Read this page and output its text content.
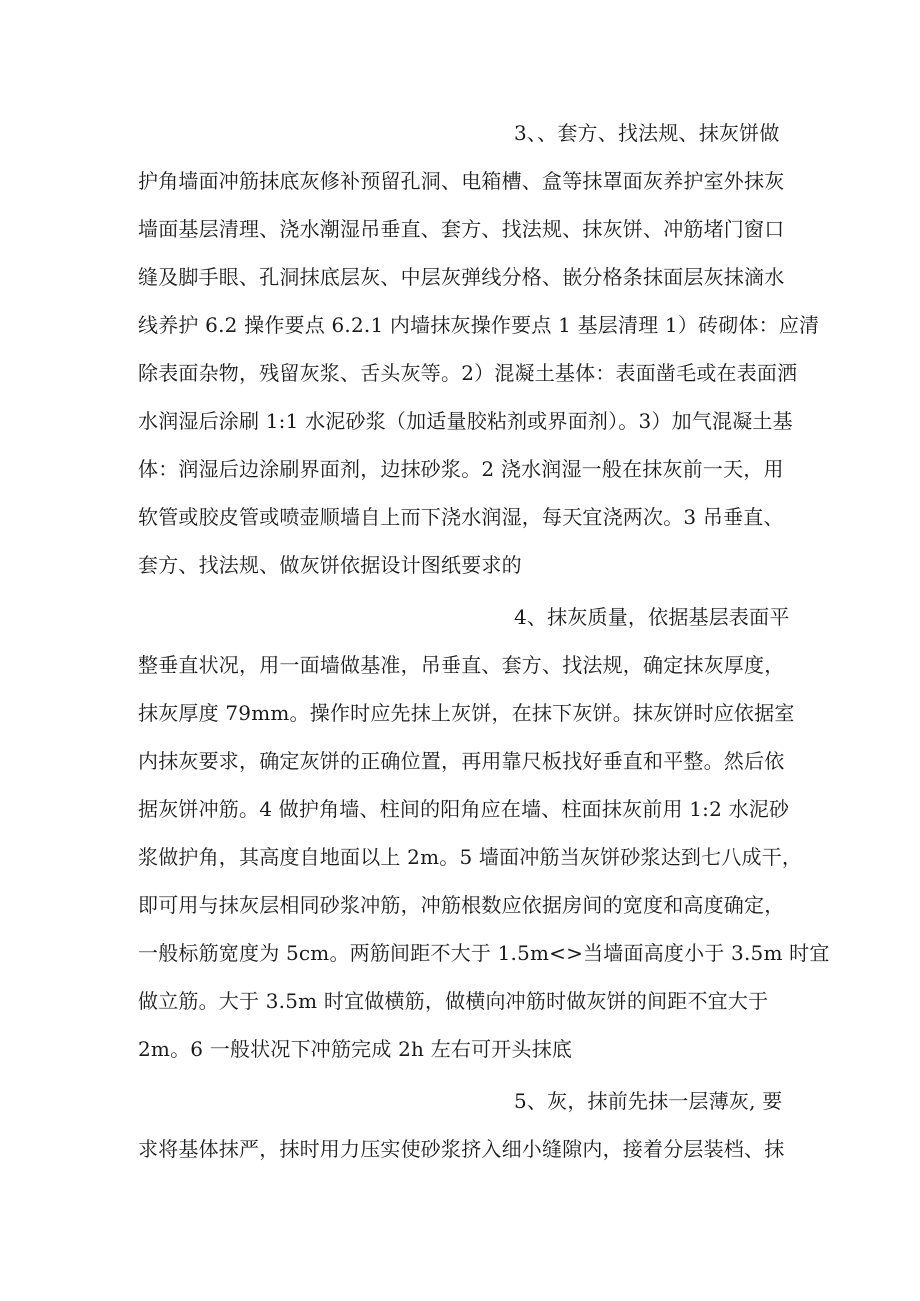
3、、套方、找法规、抹灰饼做
护角墙面冲筋抹底灰修补预留孔洞、电箱槽、盒等抹罩面灰养护室外抹灰
墙面基层清理、浇水潮湿吊垂直、套方、找法规、抹灰饼、冲筋堵门窗口
缝及脚手眼、孔洞抹底层灰、中层灰弹线分格、嵌分格条抹面层灰抹滴水
线养护 6.2 操作要点 6.2.1 内墙抹灰操作要点 1 基层清理 1）砖砌体：应清
除表面杂物，残留灰浆、舌头灰等。2）混凝土基体：表面凿毛或在表面洒
水润湿后涂刷 1:1 水泥砂浆（加适量胶粘剂或界面剂）。3）加气混凝土基
体：润湿后边涂刷界面剂，边抹砂浆。2 浇水润湿一般在抹灰前一天，用
软管或胶皮管或喷壶顺墙自上而下浇水润湿，每天宜浇两次。3 吊垂直、
套方、找法规、做灰饼依据设计图纸要求的
4、抹灰质量，依据基层表面平
整垂直状况，用一面墙做基准，吊垂直、套方、找法规，确定抹灰厚度，
抹灰厚度 79mm。操作时应先抹上灰饼，在抹下灰饼。抹灰饼时应依据室
内抹灰要求，确定灰饼的正确位置，再用靠尺板找好垂直和平整。然后依
据灰饼冲筋。4 做护角墙、柱间的阳角应在墙、柱面抹灰前用 1:2 水泥砂
浆做护角，其高度自地面以上 2m。5 墙面冲筋当灰饼砂浆达到七八成干，
即可用与抹灰层相同砂浆冲筋，冲筋根数应依据房间的宽度和高度确定，
一般标筋宽度为 5cm。两筋间距不大于 1.5m<>当墙面高度小于 3.5m 时宜
做立筋。大于 3.5m 时宜做横筋，做横向冲筋时做灰饼的间距不宜大于
2m。6 一般状况下冲筋完成 2h 左右可开头抹底
5、灰，抹前先抹一层薄灰, 要
求将基体抹严，抹时用力压实使砂浆挤入细小缝隙内，接着分层装档、抹
